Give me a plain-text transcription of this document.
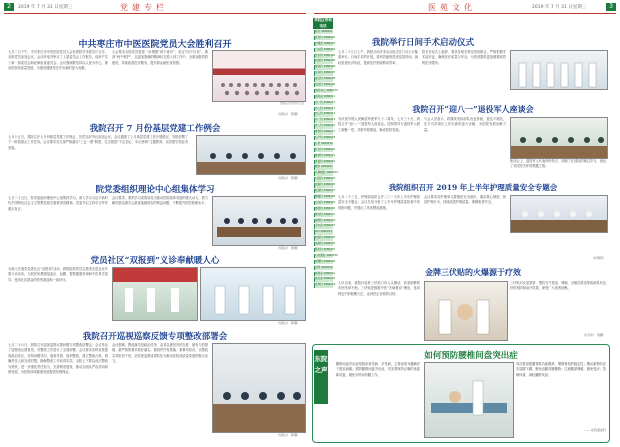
2	2019 年 7 月 31 日星期三	党建专栏
中共枣庄市中医医院党员大会胜利召开
七月二日下午，中共枣庄市中医医院党员大会在我院学术报告厅召开。全院党员参加会议，会议听取并审议了上届委员会工作报告，选举产生了新一届委员会和纪律检查委员会。会议强调要坚持以人民为中心，推动医院高质量发展，为建设健康枣庄作出新的更大贡献。
大会要求全院党员要进一步增强“四个意识”，坚定“四个自信”，做到“两个维护”，以更加饱满的精神状态投入到工作中，全面加强党的建设，持续改善医疗服务，提升群众就医获得感。
医院召开党员大会
（党院办　陈娜）
我院召开 7 月份基层党建工作例会
七月十五日，我院召开七月份基层党建工作例会，各党支部书记参加会议。会议通报了上月基层党建工作开展情况，安排部署了下一阶段重点工作任务。会议要求各支部严格落实“三会一课”制度，扎实推进“不忘初心、牢记使命”主题教育，以党建引领业务发展。
（党院办　陈娜）
院党委组织理论中心组集体学习
七月二十五日，院党委组织理论中心组集体学习，深入学习习近平新时代中国特色社会主义思想及相关重要讲话精神。党委书记主持学习并作重点发言。
会议要求，要把学习成果转化为推动医院改革发展的强大动力，着力解决群众最关心最直接最现实的利益问题，不断提升医院管理水平。
（党院办　陈娜）
党员社区“双报到”义诊奉献暖人心
为深入开展党员进社区“双报到”活动，我院组织党员志愿者走进社区开展义诊活动，为居民免费测量血压、血糖，提供健康咨询和中医养生指导，受到社区群众的热烈欢迎和一致好评。
（党院办　陈娜）
我院召开巡视巡察反馈专项整改部署会
七月二十六日，我院召开巡视巡察反馈问题专项整改部署会。会议传达了巡察组反馈意见，对整改工作进行了全面部署。会议要求各科室要提高政治站位，坚持问题导向，逐条对照、逐项整改，建立整改台账，明确责任人和完成时限，确保整改工作取得实效。全院上下要以此次整改为契机，进一步强化责任担当，完善制度建设，推动全面从严治党向纵深发展，为医院持续健康发展提供坚强保证。
会议强调，整改落实是政治任务，必须以最坚决的态度、最有力的措施、最严格的要求抓好落实，做到件件有着落、事事有回音，以整改实效取信于民，切实把巡察成果转化为推动医院高质量发展的强大动力。
（党院办　陈娜）
医苑文化	2019 年 7 月 31 日星期三	3
枣院区咨询电话
院办 3080001
医务科 3080002
护理部 3080003
门诊部 3080004
急诊科 3080120
药剂科 3080005
财务科 3080006
总务科 3080007
保卫科 3080008
信息科 3080009
体检中心 3080010
病案室 3080011
内一科 3080012
内二科 3080013
内三科 3080014
外一科 3080015
外二科 3080016
骨伤科 3080017
妇产科 3080018
儿科 3080019
针灸科 3080020
推拿科 3080021
康复科 3080022
眼科 3080023
耳鼻喉科 3080024
口腔科 3080025
皮肤科 3080026
肛肠科 3080027
肿瘤科 3080028
心内科 3080029
神经科 3080030
肾内科 3080031
麻醉科 3080032
手术室 3080033
ICU 3080034
检验科 3080035
放射科 3080036
超声科 3080037
心电图室 3080038
病理科 3080039
药库 3080040
制剂室 3080041
供应室 3080042
营养科 3080043
我院举行日间手术启动仪式
七月二十九日上午，我院日间手术启动仪式在门诊大厅隆重举行。日间手术的开展，将有效缩短患者住院时间，减轻患者经济负担，提高医疗资源利用效率。
院长在仪式上致辞，要求各相关科室密切配合，严格把握手术适应证，确保医疗质量与安全，为患者提供更加便捷高效的医疗服务。
我院召开“迎八一”退役军人座谈会
为庆祝中国人民解放军建军九十二周年，七月三十日，我院召开“迎八一”退役军人座谈会。医院领导与退役军人职工欢聚一堂，共叙军旅情谊，畅谈医院发展。
与会人员表示，将继续发扬部队优良传统，退伍不褪色，在平凡的岗位上作出新的更大贡献，为医院发展贡献力量。
座谈会上，退役军人代表纷纷发言，回顾了在部队的难忘岁月，表达了对医院关怀的感激之情。
我院组织召开 2019 年上半年护理质量安全专题会
七月二十三日，护理部组织召开二〇一九年上半年护理质量安全专题会。会议总结分析了上半年护理质量检查中发现的问题，并提出了具体整改措施。
会议要求各护理单元要强化安全意识，落实核心制度，规范护理行为，持续改进护理质量，保障患者安全。
（护理部）
金牌三伏贴的火爆源于疗效
入伏以来，我院针灸科三伏贴门诊人头攒动，前来贴敷的市民络绎不绝。三伏贴是根据中医“冬病夏治”理论，选用特定中药贴敷穴位，达到扶正祛邪的目的。
三伏贴对反复感冒、慢性支气管炎、哮喘、过敏性鼻炎等疾病具有良好的预防和治疗效果，深受广大患者信赖。
（针灸科　周鹏）
东院之声
如何预防腰椎间盘突出症
腰椎间盘突出症是临床常见病、多发病，主要表现为腰痛伴下肢放射痛。预防腰椎间盘突出症，首先要保持正确的坐姿和站姿，避免长时间弯腰工作。
其次要加强腰背肌功能锻炼，增强脊柱的稳定性；搬运重物时应先屈膝下蹲，避免直腰弯腰搬物；注意腰部保暖，避免受凉；控制体重，减轻腰椎负担。
—— 东院康复科
